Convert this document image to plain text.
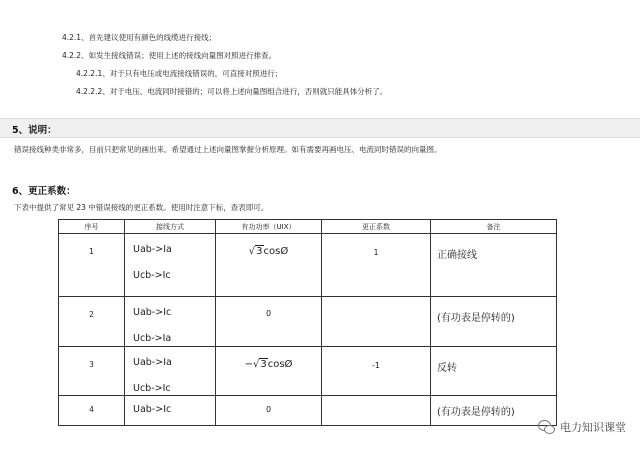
4.2.1、首先建议使用有颜色的线缆进行接线；
4.2.2、如发生接线错误；使用上述的接线向量图对照进行排查。
4.2.2.1、对于只有电压或电流接线错误的，可直接对照进行；
4.2.2.2、对于电压、电流同时接错的；可以将上述向量图组合进行，否则就只能具体分析了。
5、说明：
错误接线种类非常多，目前只把常见的画出来。希望通过上述向量图掌握分析原理。如有需要再画电压、电流同时错误的向量图。
6、更正系数：
下表中提供了常见 23 中错误接线的更正系数。使用时注意下标，查表即可。
序号	接线方式	有功功率（UIX）	更正系数	备注

1	Uab->Ia
Ucb->Ic	√3cosØ	1	正确接线

2	Uab->Ic
Ucb->Ia	0		(有功表是停转的)

3	Uab->Ia
Ucb->Ic	−√3cosØ	-1	反转

4	Uab->Ic	0		(有功表是停转的)
电力知识课堂
